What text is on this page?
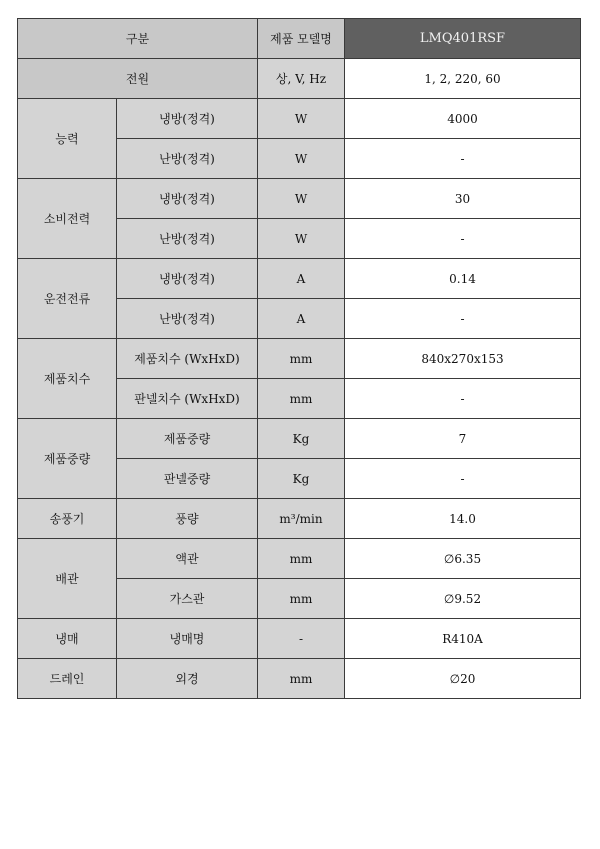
구분		제품 모델명	LMQ401RSF
전원		상, V, Hz	1, 2, 220, 60
능력	냉방(정격)	W	4000
	난방(정격)	W	-
소비전력	냉방(정격)	W	30
	난방(정격)	W	-
운전전류	냉방(정격)	A	0.14
	난방(정격)	A	-
제품치수	제품치수 (WxHxD)	mm	840x270x153
	판넬치수 (WxHxD)	mm	-
제품중량	제품중량	Kg	7
	판넬중량	Kg	-
송풍기	풍량	m³/min	14.0
배관	액관	mm	∅6.35
	가스관	mm	∅9.52
냉매	냉매명	-	R410A
드레인	외경	mm	∅20
